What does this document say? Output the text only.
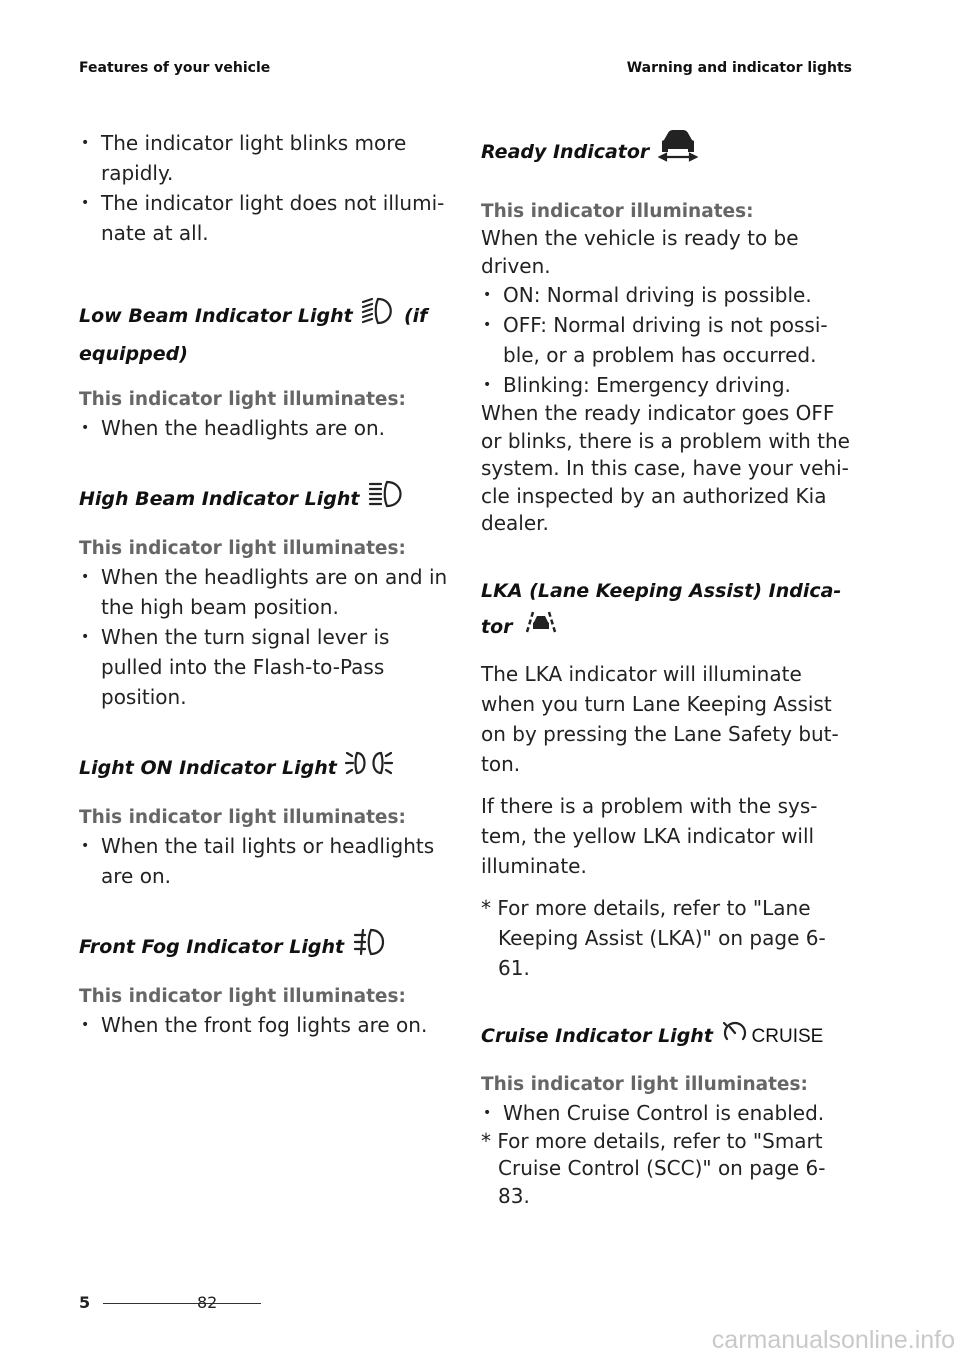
Features of your vehicle	Warning and indicator lights
• The indicator light blinks more rapidly.
• The indicator light does not illumi- nate at all.
Low Beam Indicator Light	(if equipped)

This indicator light illuminates:

• When the headlights are on.
High Beam Indicator Light

This indicator light illuminates:

• When the headlights are on and in the high beam position.
• When the turn signal lever is pulled into the Flash-to-Pass position.
Light ON Indicator Light

This indicator light illuminates:

• When the tail lights or headlights are on.
Front Fog Indicator Light

This indicator light illuminates:

• When the front fog lights are on.
Ready Indicator

This indicator illuminates:

When the vehicle is ready to be driven.

• ON: Normal driving is possible.
• OFF: Normal driving is not possi- ble, or a problem has occurred.
• Blinking: Emergency driving.

When the ready indicator goes OFF or blinks, there is a problem with the system. In this case, have your vehi- cle inspected by an authorized Kia dealer.

LKA (Lane Keeping Assist) Indica- tor

The LKA indicator will illuminate when you turn Lane Keeping Assist on by pressing the Lane Safety but- ton.

If there is a problem with the sys- tem, the yellow LKA indicator will illuminate.

* For more details, refer to "Lane Keeping Assist (LKA)" on page 6- 61.

Cruise Indicator Light CRUISE

This indicator light illuminates:

• When Cruise Control is enabled.

* For more details, refer to "Smart Cruise Control (SCC)" on page 6- 83.

5	82
carmanualsonline.info
